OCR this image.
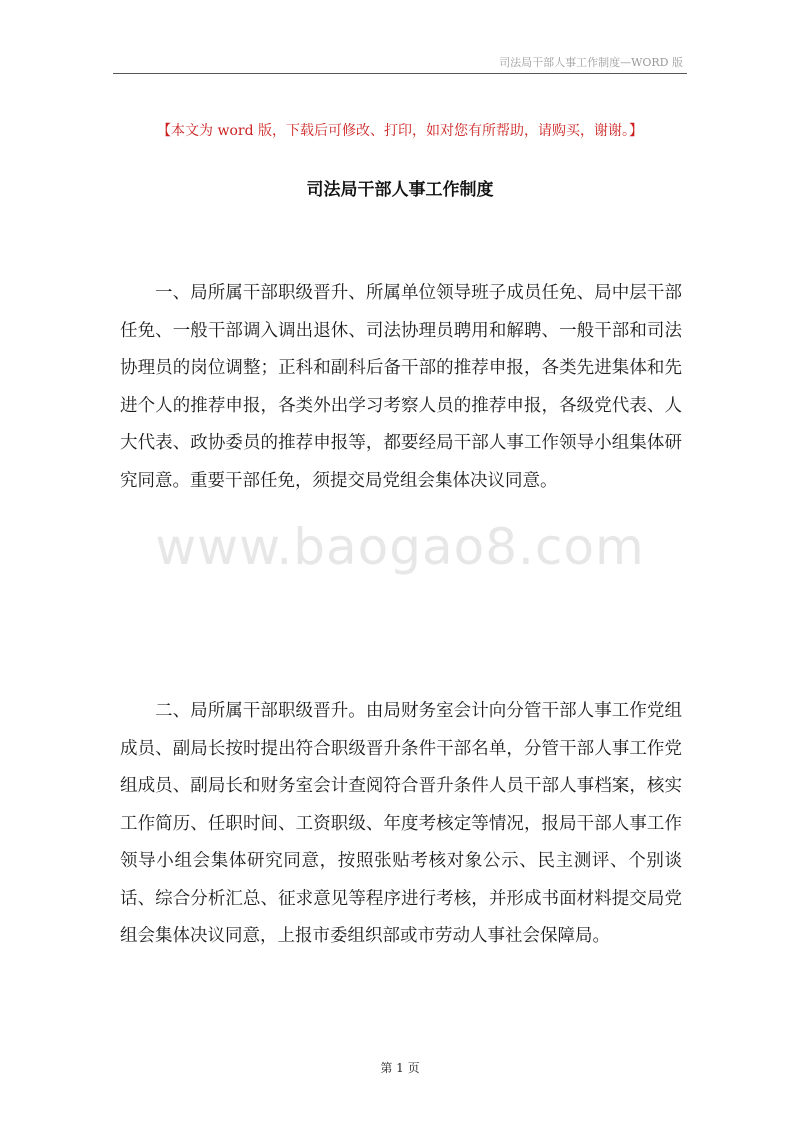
司法局干部人事工作制度—WORD 版
【本文为 word 版，下载后可修改、打印，如对您有所帮助，请购买，谢谢。】
司法局干部人事工作制度
www.baogao8.com

一、局所属干部职级晋升、所属单位领导班子成员任免、局中层干部任免、一般干部调入调出退休、司法协理员聘用和解聘、一般干部和司法协理员的岗位调整；正科和副科后备干部的推荐申报，各类先进集体和先进个人的推荐申报，各类外出学习考察人员的推荐申报，各级党代表、人大代表、政协委员的推荐申报等，都要经局干部人事工作领导小组集体研究同意。重要干部任免，须提交局党组会集体决议同意。

二、局所属干部职级晋升。由局财务室会计向分管干部人事工作党组成员、副局长按时提出符合职级晋升条件干部名单，分管干部人事工作党组成员、副局长和财务室会计查阅符合晋升条件人员干部人事档案，核实工作简历、任职时间、工资职级、年度考核定等情况，报局干部人事工作领导小组会集体研究同意，按照张贴考核对象公示、民主测评、个别谈话、综合分析汇总、征求意见等程序进行考核，并形成书面材料提交局党组会集体决议同意，上报市委组织部或市劳动人事社会保障局。

第 1 页
